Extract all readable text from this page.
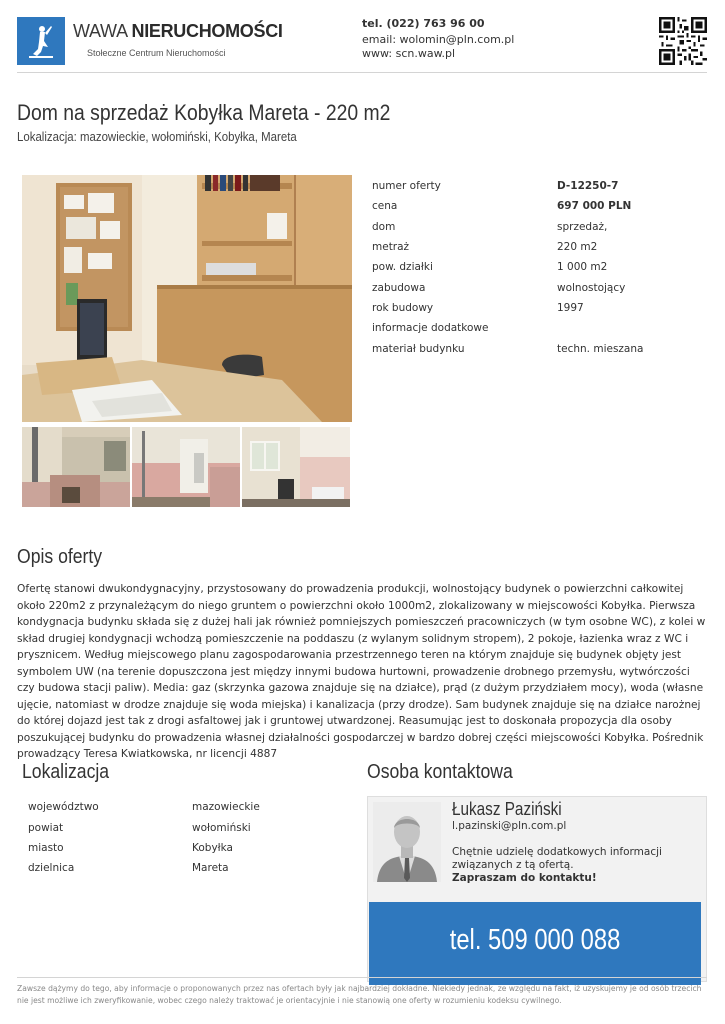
WAWA NIERUCHOMOŚCI
Stołeczne Centrum Nieruchomości
tel. (022) 763 96 00
email: wolomin@pln.com.pl
www: scn.waw.pl
Dom na sprzedaż Kobyłka Mareta - 220 m2
Lokalizacja: mazowieckie, wołomiński, Kobyłka, Mareta
numer oferty	D-12250-7
cena	697 000 PLN
dom	sprzedaż,
metraż	220 m2
pow. działki	1 000 m2
zabudowa	wolnostojący
rok budowy	1997
informacje dodatkowe
materiał budynku	techn. mieszana
Opis oferty

Ofertę stanowi dwukondygnacyjny, przystosowany do prowadzenia produkcji, wolnostojący budynek o powierzchni całkowitej około 220m2 z przynależącym do niego gruntem o powierzchni około 1000m2, zlokalizowany w miejscowości Kobyłka. Pierwsza kondygnacja budynku składa się z dużej hali jak również pomniejszych pomieszczeń pracowniczych (w tym osobne WC), z kolei w skład drugiej kondygnacji wchodzą pomieszczenie na poddaszu (z wylanym solidnym stropem), 2 pokoje, łazienka wraz z WC i prysznicem. Według miejscowego planu zagospodarowania przestrzennego teren na którym znajduje się budynek objęty jest symbolem UW (na terenie dopuszczona jest między innymi budowa hurtowni, prowadzenie drobnego przemysłu, wytwórczości czy budowa stacji paliw). Media: gaz (skrzynka gazowa znajduje się na działce), prąd (z dużym przydziałem mocy), woda (własne ujęcie, natomiast w drodze znajduje się woda miejska) i kanalizacja (przy drodze). Sam budynek znajduje się na działce narożnej do której dojazd jest tak z drogi asfaltowej jak i gruntowej utwardzonej. Reasumując jest to doskonała propozycja dla osoby poszukującej budynku do prowadzenia własnej działalności gospodarczej w bardzo dobrej części miejscowości Kobyłka. Pośrednik prowadzący Teresa Kwiatkowska, nr licencji 4887

Lokalizacja
województwo	mazowieckie
powiat	wołomiński
miasto	Kobyłka
dzielnica	Mareta
Osoba kontaktowa
Łukasz Paziński
l.pazinski@pln.com.pl
Chętnie udzielę dodatkowych informacji związanych z tą ofertą.
Zapraszam do kontaktu!
tel. 509 000 088

Zawsze dążymy do tego, aby informacje o proponowanych przez nas ofertach były jak najbardziej dokładne. Niekiedy jednak, ze względu na fakt, iż uzyskujemy je od osób trzecich nie jest możliwe ich zweryfikowanie, wobec czego należy traktować je orientacyjnie i nie stanowią one oferty w rozumieniu kodeksu cywilnego.
